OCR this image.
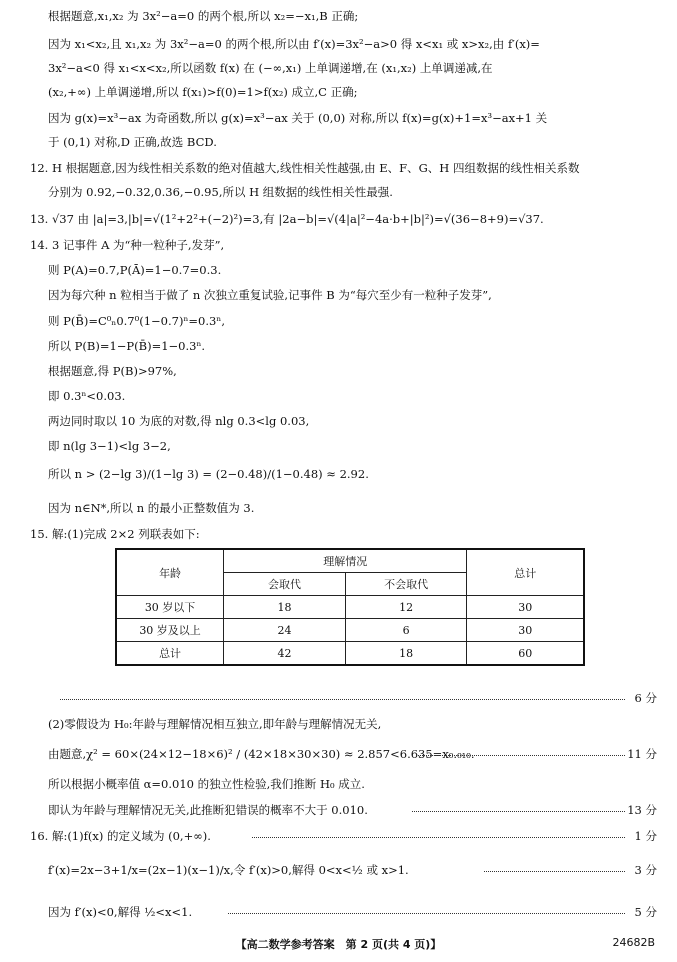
根据题意,x₁,x₂ 为 3x²−a=0 的两个根,所以 x₂=−x₁,B 正确;
因为 x₁<x₂,且 x₁,x₂ 为 3x²−a=0 的两个根,所以由 f′(x)=3x²−a>0 得 x<x₁ 或 x>x₂,由 f′(x)=
3x²−a<0 得 x₁<x<x₂,所以函数 f(x) 在 (−∞,x₁) 上单调递增,在 (x₁,x₂) 上单调递减,在
(x₂,+∞) 上单调递增,所以 f(x₁)>f(0)=1>f(x₂) 成立,C 正确;
因为 g(x)=x³−ax 为奇函数,所以 g(x)=x³−ax 关于 (0,0) 对称,所以 f(x)=g(x)+1=x³−ax+1 关
于 (0,1) 对称,D 正确,故选 BCD.
12. H 根据题意,因为线性相关系数的绝对值越大,线性相关性越强,由 E、F、G、H 四组数据的线性相关系数
分别为 0.92,−0.32,0.36,−0.95,所以 H 组数据的线性相关性最强.
13. √37 由 |a|=3,|b|=√(1²+2²+(−2)²)=3,有 |2a−b|=√(4|a|²−4a·b+|b|²)=√(36−8+9)=√37.
14. 3 记事件 A 为“种一粒种子,发芽”,
则 P(A)=0.7,P(Ā)=1−0.7=0.3.
因为每穴种 n 粒相当于做了 n 次独立重复试验,记事件 B 为“每穴至少有一粒种子发芽”,
则 P(B̄)=C⁰ₙ0.7⁰(1−0.7)ⁿ=0.3ⁿ,
所以 P(B)=1−P(B̄)=1−0.3ⁿ.
根据题意,得 P(B)>97%,
即 0.3ⁿ<0.03.
两边同时取以 10 为底的对数,得 nlg 0.3<lg 0.03,
即 n(lg 3−1)<lg 3−2,
所以 n > (2−lg 3)/(1−lg 3) = (2−0.48)/(1−0.48) ≈ 2.92.
因为 n∈N*,所以 n 的最小正整数值为 3.
15. 解:(1)完成 2×2 列联表如下:
(2)零假设为 H₀:年龄与理解情况相互独立,即年龄与理解情况无关,
所以根据小概率值 α=0.010 的独立性检验,我们推断 H₀ 成立.
因为 f′(x)<0,解得 ½<x<1.
年龄	理解情况		总计
	会取代	不会取代	
30 岁以下	18	12	30
30 岁及以上	24	6	30
总计	42	18	60
6 分
5 分
由题意,χ² = 60×(24×12−18×6)² / (42×18×30×30) ≈ 2.857<6.635=x₀.₀₁₀.	11 分
即认为年龄与理解情况无关,此推断犯错误的概率不大于 0.010.	13 分
16. 解:(1)f(x) 的定义域为 (0,+∞).	1 分
f′(x)=2x−3+1/x=(2x−1)(x−1)/x,令 f′(x)>0,解得 0<x<½ 或 x>1.	3 分
【高二数学参考答案　第 2 页(共 4 页)】	24682B
